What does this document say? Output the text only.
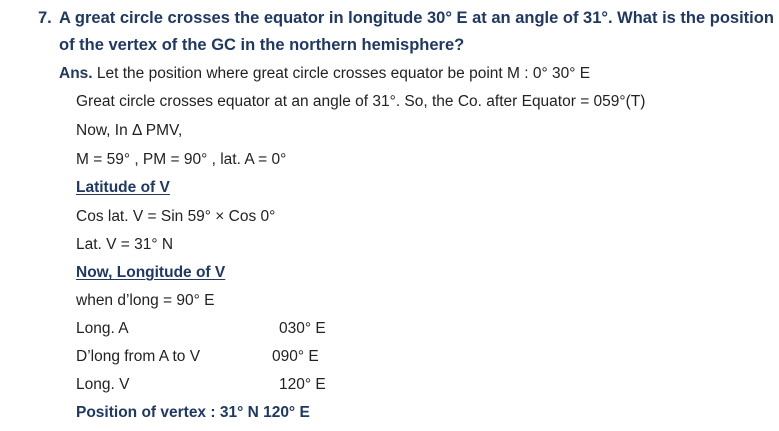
7. A great circle crosses the equator in longitude 30° E at an angle of 31°. What is the position
of the vertex of the GC in the northern hemisphere?
Ans. Let the position where great circle crosses equator be point M : 0° 30° E
Great circle crosses equator at an angle of 31°. So, the Co. after Equator = 059°(T)
Now, In Δ PMV,
M = 59° , PM = 90° , lat. A = 0°
Latitude of V
Cos lat. V = Sin 59° × Cos 0°
Lat. V = 31° N
Now, Longitude of V
when d’long = 90° E
Long. A	030° E
D’long from A to V	090° E
Long. V	120° E
Position of vertex : 31° N 120° E
